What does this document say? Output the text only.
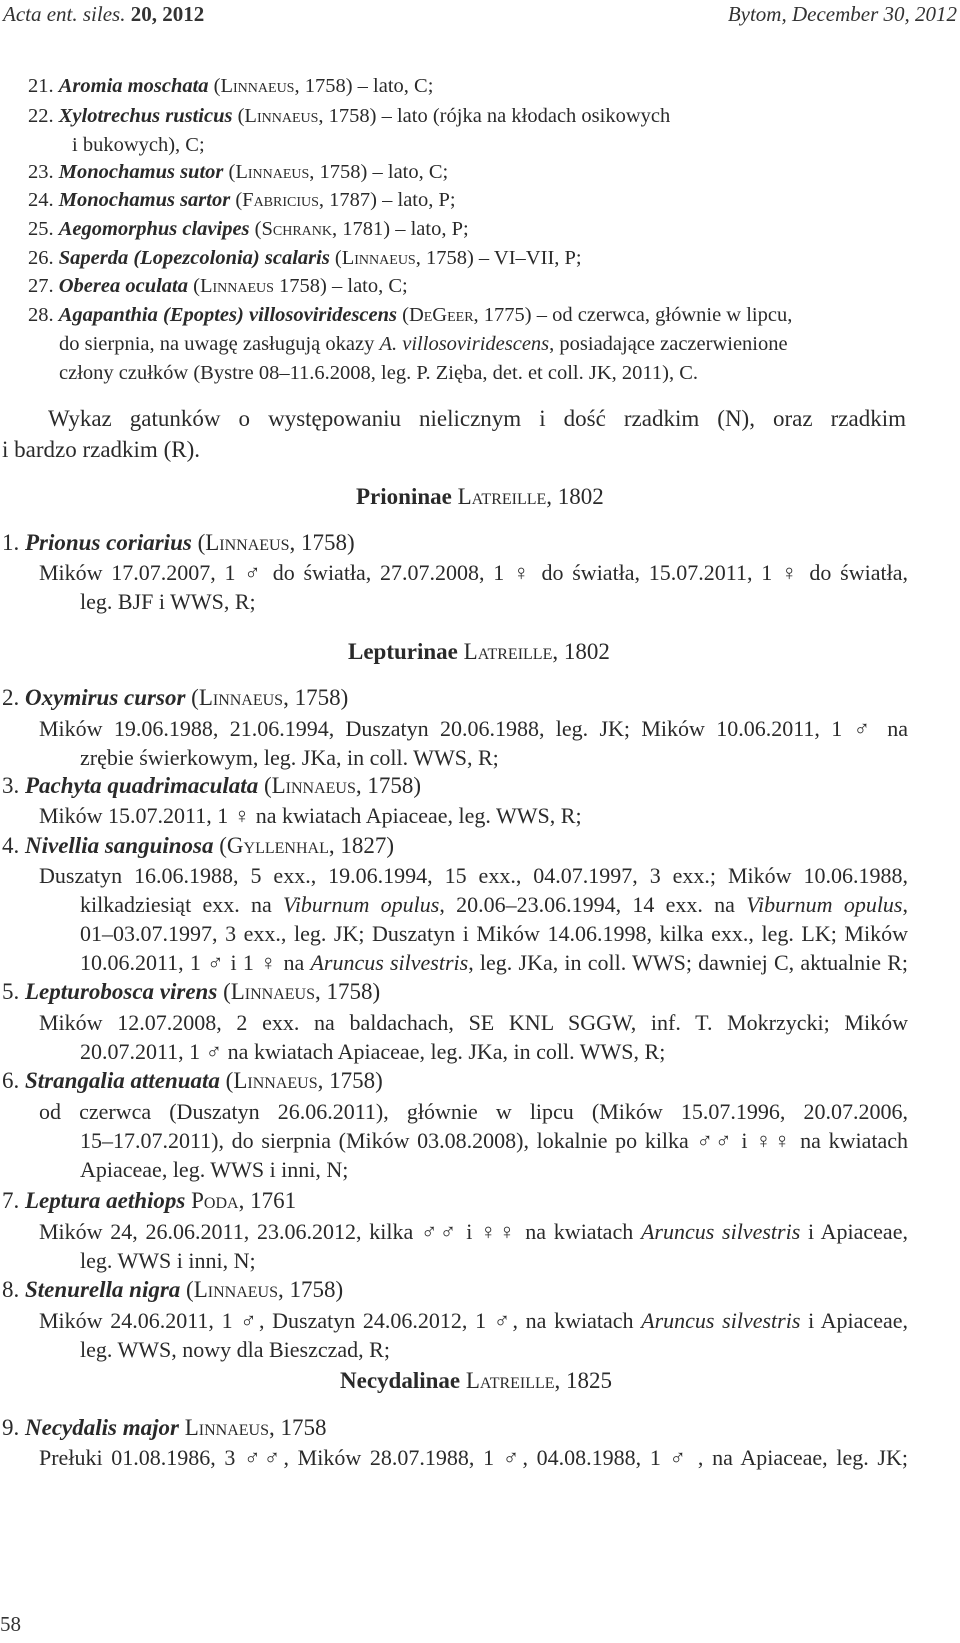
Acta ent. siles. 20, 2012	Bytom, December 30, 2012
21. Aromia moschata (Linnaeus, 1758) – lato, C;
22. Xylotrechus rusticus (Linnaeus, 1758) – lato (rójka na kłodach osikowych
i bukowych), C;
23. Monochamus sutor (Linnaeus, 1758) – lato, C;
24. Monochamus sartor (Fabricius, 1787) – lato, P;
25. Aegomorphus clavipes (Schrank, 1781) – lato, P;
26. Saperda (Lopezcolonia) scalaris (Linnaeus, 1758) – VI–VII, P;
27. Oberea oculata (Linnaeus 1758) – lato, C;
28. Agapanthia (Epoptes) villosoviridescens (DeGeer, 1775) – od czerwca, głównie w lipcu,
do sierpnia, na uwagę zasługują okazy A. villosoviridescens, posiadające zaczerwienione
człony czułków (Bystre 08–11.6.2008, leg. P. Zięba, det. et coll. JK, 2011), C.
Wykaz gatunków o występowaniu nielicznym i dość rzadkim (N), oraz rzadkim
i bardzo rzadkim (R).
Prioninae Latreille, 1802
1. Prionus coriarius (Linnaeus, 1758)
Mików 17.07.2007, 1 ♂ do światła, 27.07.2008, 1 ♀ do światła, 15.07.2011, 1 ♀ do światła,
leg. BJF i WWS, R;
Lepturinae Latreille, 1802
2. Oxymirus cursor (Linnaeus, 1758)
Mików 19.06.1988, 21.06.1994, Duszatyn 20.06.1988, leg. JK; Mików 10.06.2011, 1 ♂ na
zrębie świerkowym, leg. JKa, in coll. WWS, R;
3. Pachyta quadrimaculata (Linnaeus, 1758)
Mików 15.07.2011, 1 ♀ na kwiatach Apiaceae, leg. WWS, R;
4. Nivellia sanguinosa (Gyllenhal, 1827)
Duszatyn 16.06.1988, 5 exx., 19.06.1994, 15 exx., 04.07.1997, 3 exx.; Mików 10.06.1988,
kilkadziesiąt exx. na Viburnum opulus, 20.06–23.06.1994, 14 exx. na Viburnum opulus,
01–03.07.1997, 3 exx., leg. JK; Duszatyn i Mików 14.06.1998, kilka exx., leg. LK; Mików
10.06.2011, 1 ♂ i 1 ♀ na Aruncus silvestris, leg. JKa, in coll. WWS; dawniej C, aktualnie R;
5. Lepturobosca virens (Linnaeus, 1758)
Mików 12.07.2008, 2 exx. na baldachach, SE KNL SGGW, inf. T. Mokrzycki; Mików
20.07.2011, 1 ♂ na kwiatach Apiaceae, leg. JKa, in coll. WWS, R;
6. Strangalia attenuata (Linnaeus, 1758)
od czerwca (Duszatyn 26.06.2011), głównie w lipcu (Mików 15.07.1996, 20.07.2006,
15–17.07.2011), do sierpnia (Mików 03.08.2008), lokalnie po kilka ♂♂ i ♀♀ na kwiatach
Apiaceae, leg. WWS i inni, N;
7. Leptura aethiops Poda, 1761
Mików 24, 26.06.2011, 23.06.2012, kilka ♂♂ i ♀♀ na kwiatach Aruncus silvestris i Apiaceae,
leg. WWS i inni, N;
8. Stenurella nigra (Linnaeus, 1758)
Mików 24.06.2011, 1 ♂, Duszatyn 24.06.2012, 1 ♂, na kwiatach Aruncus silvestris i Apiaceae,
leg. WWS, nowy dla Bieszczad, R;
Necydalinae Latreille, 1825
9. Necydalis major Linnaeus, 1758
Prełuki 01.08.1986, 3 ♂♂, Mików 28.07.1988, 1 ♂, 04.08.1988, 1 ♂ , na Apiaceae, leg. JK;
58
